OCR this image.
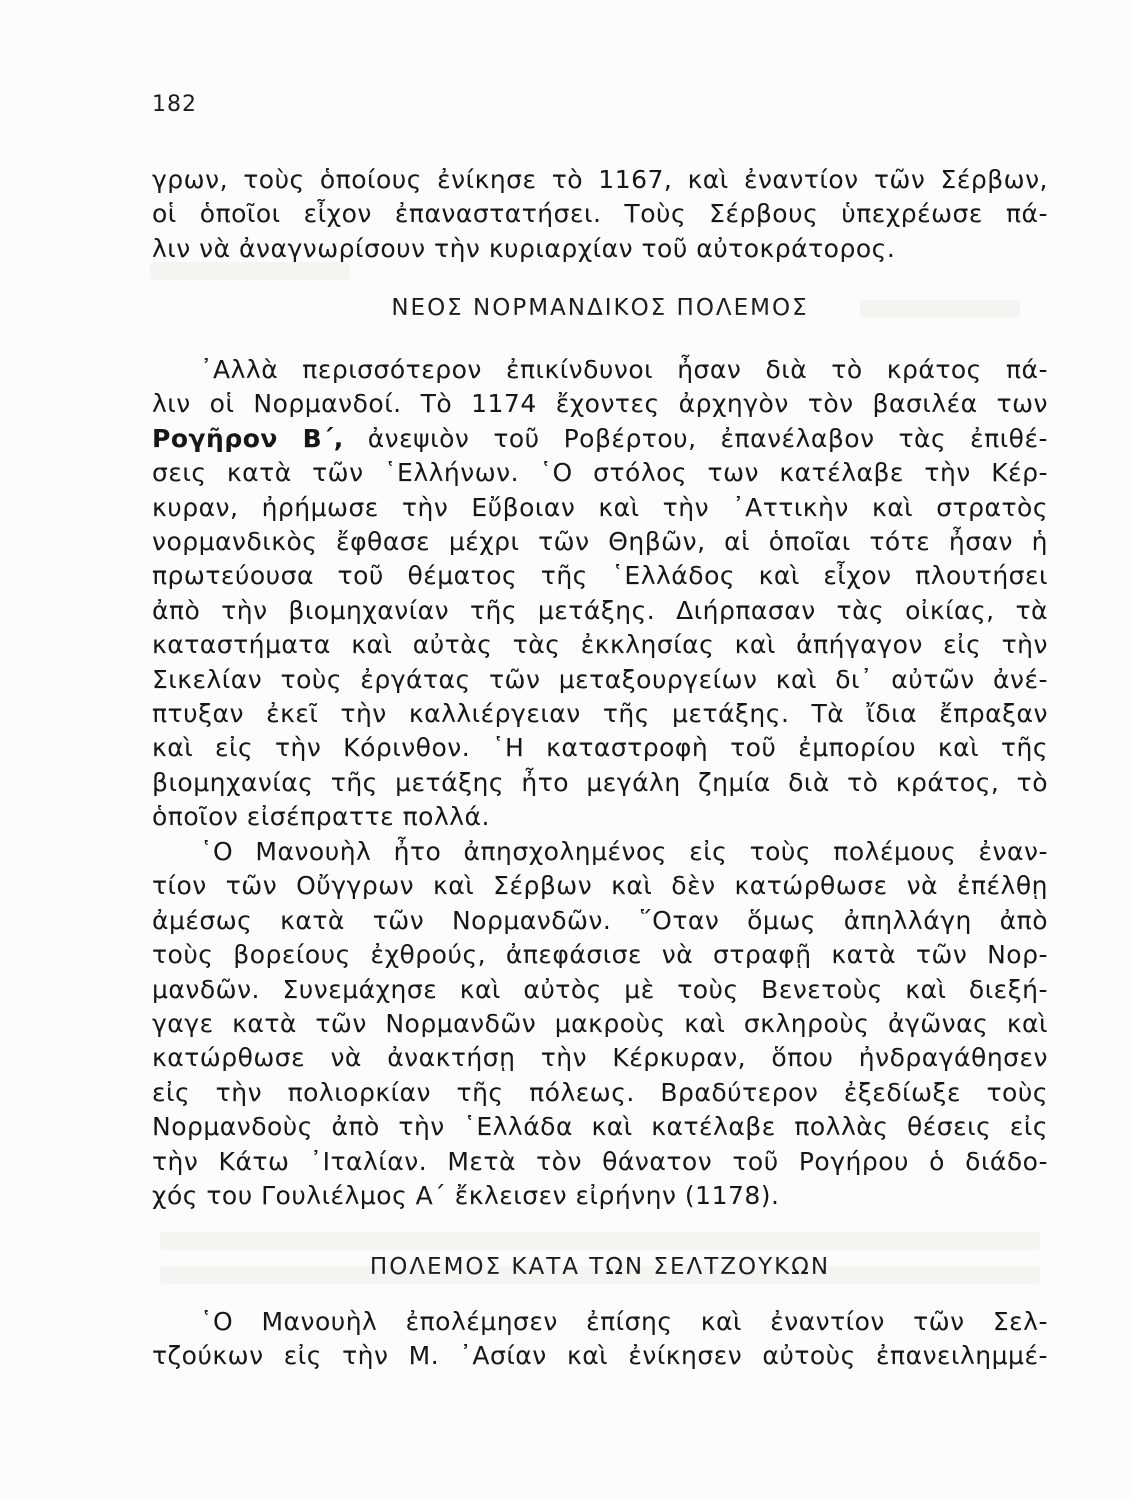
182
γρων, τοὺς ὁποίους ἐνίκησε τὸ 1167, καὶ ἐναντίον τῶν Σέρβων,
οἱ ὁποῖοι εἶχον ἐπαναστατήσει. Τοὺς Σέρβους ὑπεχρέωσε πά-
λιν νὰ ἀναγνωρίσουν τὴν κυριαρχίαν τοῦ αὐτοκράτορος.
ΝΕΟΣ ΝΟΡΜΑΝΔΙΚΟΣ ΠΟΛΕΜΟΣ
᾿Αλλὰ περισσότερον ἐπικίνδυνοι ἦσαν διὰ τὸ κράτος πά-
λιν οἱ Νορμανδοί. Τὸ 1174 ἔχοντες ἀρχηγὸν τὸν βασιλέα των
Ρογῆρον Β΄, ἀνεψιὸν τοῦ Ροβέρτου, ἐπανέλαβον τὰς ἐπιθέ-
σεις κατὰ τῶν ῾Ελλήνων. ῾Ο στόλος των κατέλαβε τὴν Κέρ-
κυραν, ἠρήμωσε τὴν Εὔβοιαν καὶ τὴν ᾿Αττικὴν καὶ στρατὸς
νορμανδικὸς ἔφθασε μέχρι τῶν Θηβῶν, αἱ ὁποῖαι τότε ἦσαν ἡ
πρωτεύουσα τοῦ θέματος τῆς ῾Ελλάδος καὶ εἶχον πλουτήσει
ἀπὸ τὴν βιομηχανίαν τῆς μετάξης. Διήρπασαν τὰς οἰκίας, τὰ
καταστήματα καὶ αὐτὰς τὰς ἐκκλησίας καὶ ἀπήγαγον εἰς τὴν
Σικελίαν τοὺς ἐργάτας τῶν μεταξουργείων καὶ δι᾿ αὐτῶν ἀνέ-
πτυξαν ἐκεῖ τὴν καλλιέργειαν τῆς μετάξης. Τὰ ἴδια ἔπραξαν
καὶ εἰς τὴν Κόρινθον. ῾Η καταστροφὴ τοῦ ἐμπορίου καὶ τῆς
βιομηχανίας τῆς μετάξης ἦτο μεγάλη ζημία διὰ τὸ κράτος, τὸ
ὁποῖον εἰσέπραττε πολλά.
῾Ο Μανουὴλ ἦτο ἀπησχολημένος εἰς τοὺς πολέμους ἐναν-
τίον τῶν Οὔγγρων καὶ Σέρβων καὶ δὲν κατώρθωσε νὰ ἐπέλθῃ
ἀμέσως κατὰ τῶν Νορμανδῶν. ῞Οταν ὅμως ἀπηλλάγη ἀπὸ
τοὺς βορείους ἐχθρούς, ἀπεφάσισε νὰ στραφῇ κατὰ τῶν Νορ-
μανδῶν. Συνεμάχησε καὶ αὐτὸς μὲ τοὺς Βενετοὺς καὶ διεξή-
γαγε κατὰ τῶν Νορμανδῶν μακροὺς καὶ σκληροὺς ἀγῶνας καὶ
κατώρθωσε νὰ ἀνακτήσῃ τὴν Κέρκυραν, ὅπου ἠνδραγάθησεν
εἰς τὴν πολιορκίαν τῆς πόλεως. Βραδύτερον ἐξεδίωξε τοὺς
Νορμανδοὺς ἀπὸ τὴν ῾Ελλάδα καὶ κατέλαβε πολλὰς θέσεις εἰς
τὴν Κάτω ᾿Ιταλίαν. Μετὰ τὸν θάνατον τοῦ Ρογήρου ὁ διάδο-
χός του Γουλιέλμος Α΄ ἔκλεισεν εἰρήνην (1178).
ΠΟΛΕΜΟΣ ΚΑΤΑ ΤΩΝ ΣΕΛΤΖΟΥΚΩΝ
῾Ο Μανουὴλ ἐπολέμησεν ἐπίσης καὶ ἐναντίον τῶν Σελ-
τζούκων εἰς τὴν Μ. ᾿Ασίαν καὶ ἐνίκησεν αὐτοὺς ἐπανειλημμέ-
